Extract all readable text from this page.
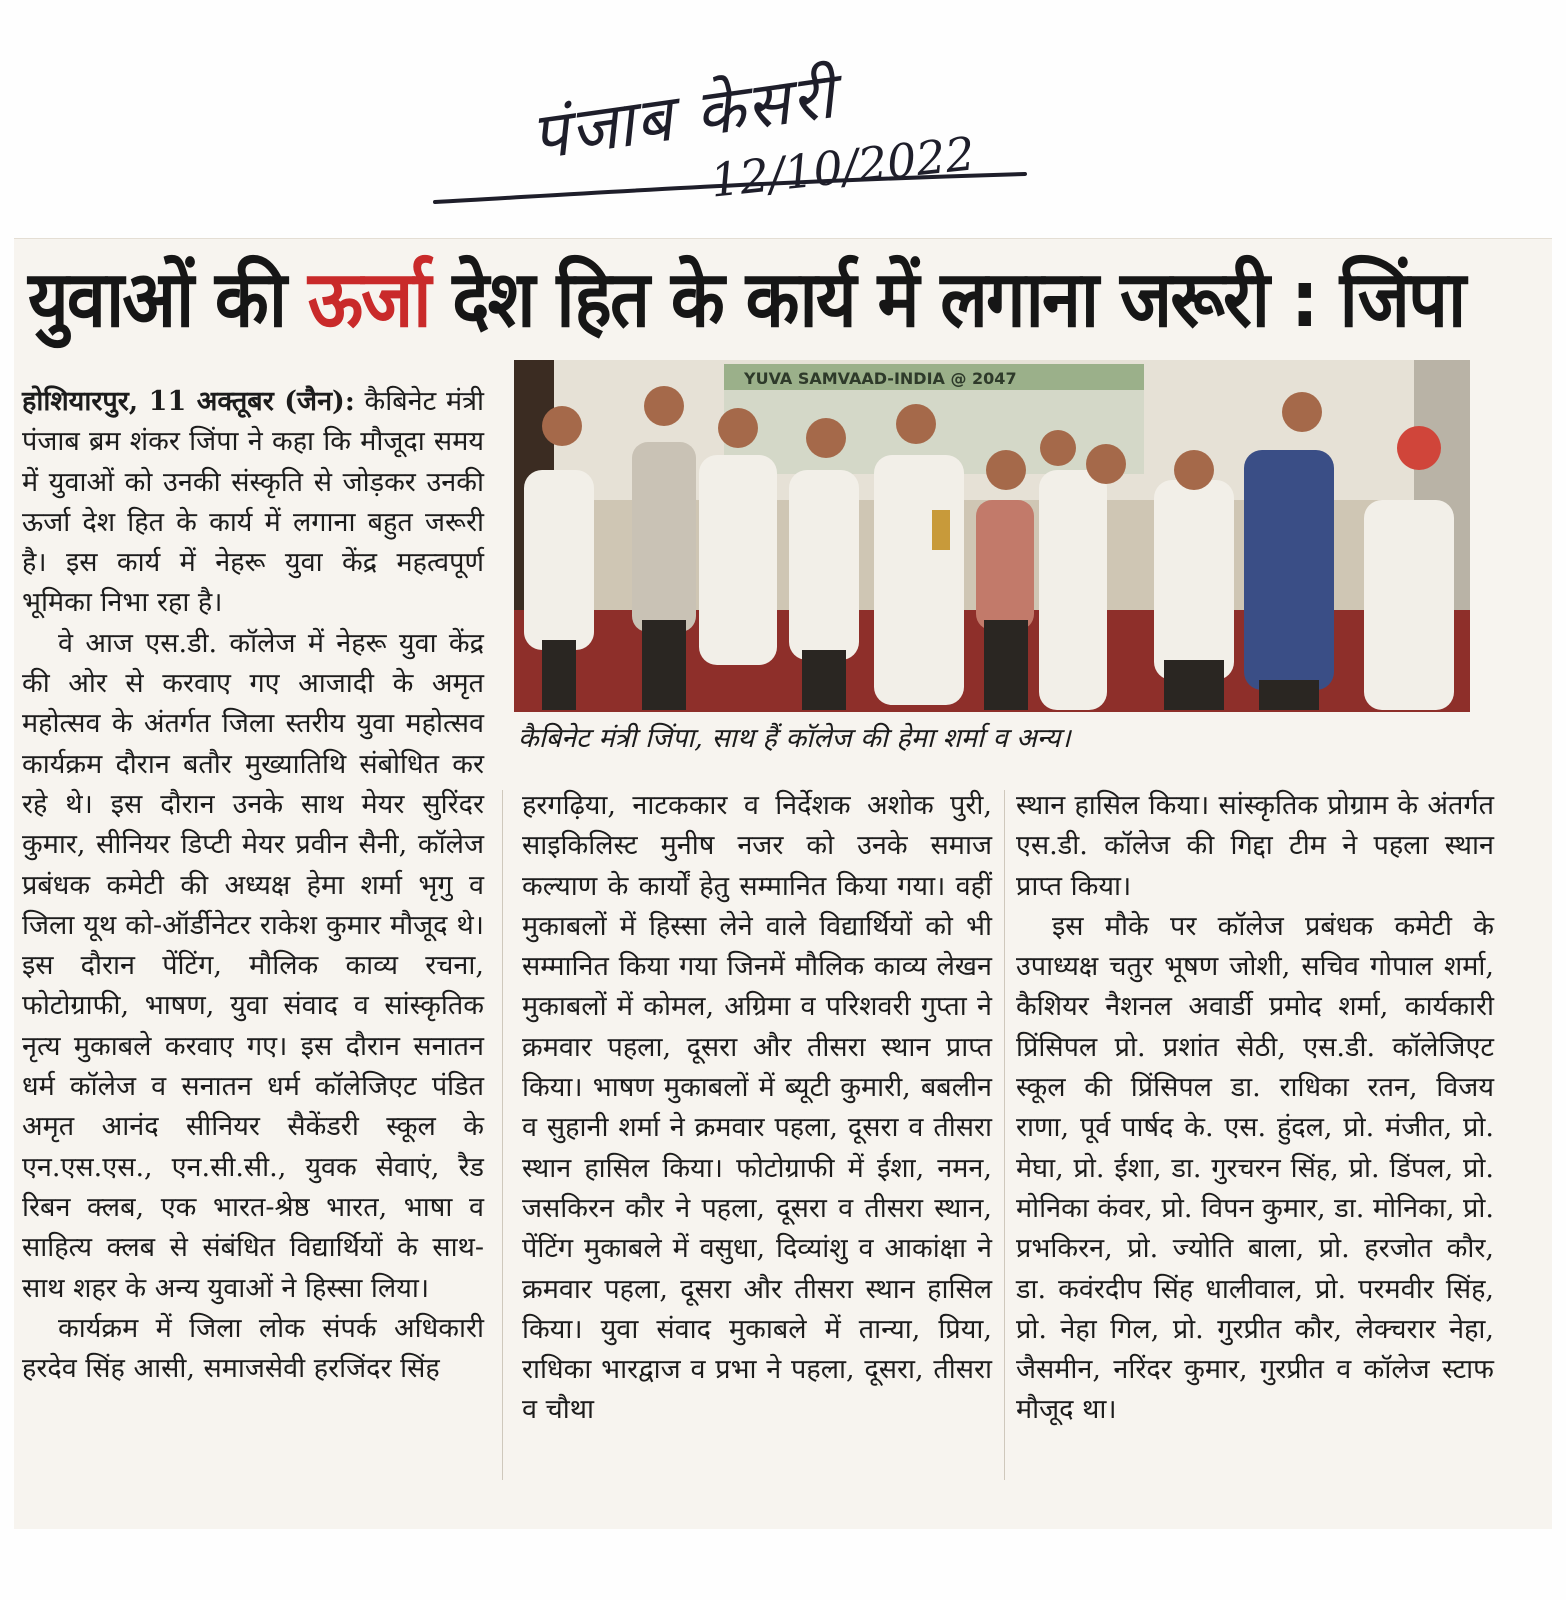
पंजाब केसरी
12/10/2022
युवाओं की ऊर्जा देश हित के कार्य में लगाना जरूरी : जिंपा

होशियारपुर, 11 अक्तूबर (जैन): कैबिनेट मंत्री पंजाब ब्रम शंकर जिंपा ने कहा कि मौजूदा समय में युवाओं को उनकी संस्कृति से जोड़कर उनकी ऊर्जा देश हित के कार्य में लगाना बहुत जरूरी है। इस कार्य में नेहरू युवा केंद्र महत्वपूर्ण भूमिका निभा रहा है।

वे आज एस.डी. कॉलेज में नेहरू युवा केंद्र की ओर से करवाए गए आजादी के अमृत महोत्सव के अंतर्गत जिला स्तरीय युवा महोत्सव कार्यक्रम दौरान बतौर मुख्यातिथि संबोधित कर रहे थे। इस दौरान उनके साथ मेयर सुरिंदर कुमार, सीनियर डिप्टी मेयर प्रवीन सैनी, कॉलेज प्रबंधक कमेटी की अध्यक्ष हेमा शर्मा भृगु व जिला यूथ को-ऑर्डीनेटर राकेश कुमार मौजूद थे। इस दौरान पेंटिंग, मौलिक काव्य रचना, फोटोग्राफी, भाषण, युवा संवाद व सांस्कृतिक नृत्य मुकाबले करवाए गए। इस दौरान सनातन धर्म कॉलेज व सनातन धर्म कॉलेजिएट पंडित अमृत आनंद सीनियर सैकेंडरी स्कूल के एन.एस.एस., एन.सी.सी., युवक सेवाएं, रैड रिबन क्लब, एक भारत-श्रेष्ठ भारत, भाषा व साहित्य क्लब से संबंधित विद्यार्थियों के साथ-साथ शहर के अन्य युवाओं ने हिस्सा लिया।

कार्यक्रम में जिला लोक संपर्क अधिकारी हरदेव सिंह आसी, समाजसेवी हरजिंदर सिंह

YUVA SAMVAAD-INDIA @ 2047
कैबिनेट मंत्री जिंपा, साथ हैं कॉलेज की हेमा शर्मा व अन्य।

हरगढ़िया, नाटककार व निर्देशक अशोक पुरी, साइकिलिस्ट मुनीष नजर को उनके समाज कल्याण के कार्यों हेतु सम्मानित किया गया। वहीं मुकाबलों में हिस्सा लेने वाले विद्यार्थियों को भी सम्मानित किया गया जिनमें मौलिक काव्य लेखन मुकाबलों में कोमल, अग्रिमा व परिशवरी गुप्ता ने क्रमवार पहला, दूसरा और तीसरा स्थान प्राप्त किया। भाषण मुकाबलों में ब्यूटी कुमारी, बबलीन व सुहानी शर्मा ने क्रमवार पहला, दूसरा व तीसरा स्थान हासिल किया। फोटोग्राफी में ईशा, नमन, जसकिरन कौर ने पहला, दूसरा व तीसरा स्थान, पेंटिंग मुकाबले में वसुधा, दिव्यांशु व आकांक्षा ने क्रमवार पहला, दूसरा और तीसरा स्थान हासिल किया। युवा संवाद मुकाबले में तान्या, प्रिया, राधिका भारद्वाज व प्रभा ने पहला, दूसरा, तीसरा व चौथा

स्थान हासिल किया। सांस्कृतिक प्रोग्राम के अंतर्गत एस.डी. कॉलेज की गिद्दा टीम ने पहला स्थान प्राप्त किया।

इस मौके पर कॉलेज प्रबंधक कमेटी के उपाध्यक्ष चतुर भूषण जोशी, सचिव गोपाल शर्मा, कैशियर नैशनल अवार्डी प्रमोद शर्मा, कार्यकारी प्रिंसिपल प्रो. प्रशांत सेठी, एस.डी. कॉलेजिएट स्कूल की प्रिंसिपल डा. राधिका रतन, विजय राणा, पूर्व पार्षद के. एस. हुंदल, प्रो. मंजीत, प्रो. मेघा, प्रो. ईशा, डा. गुरचरन सिंह, प्रो. डिंपल, प्रो. मोनिका कंवर, प्रो. विपन कुमार, डा. मोनिका, प्रो. प्रभकिरन, प्रो. ज्योति बाला, प्रो. हरजोत कौर, डा. कवंरदीप सिंह धालीवाल, प्रो. परमवीर सिंह, प्रो. नेहा गिल, प्रो. गुरप्रीत कौर, लेक्चरार नेहा, जैसमीन, नरिंदर कुमार, गुरप्रीत व कॉलेज स्टाफ मौजूद था।
